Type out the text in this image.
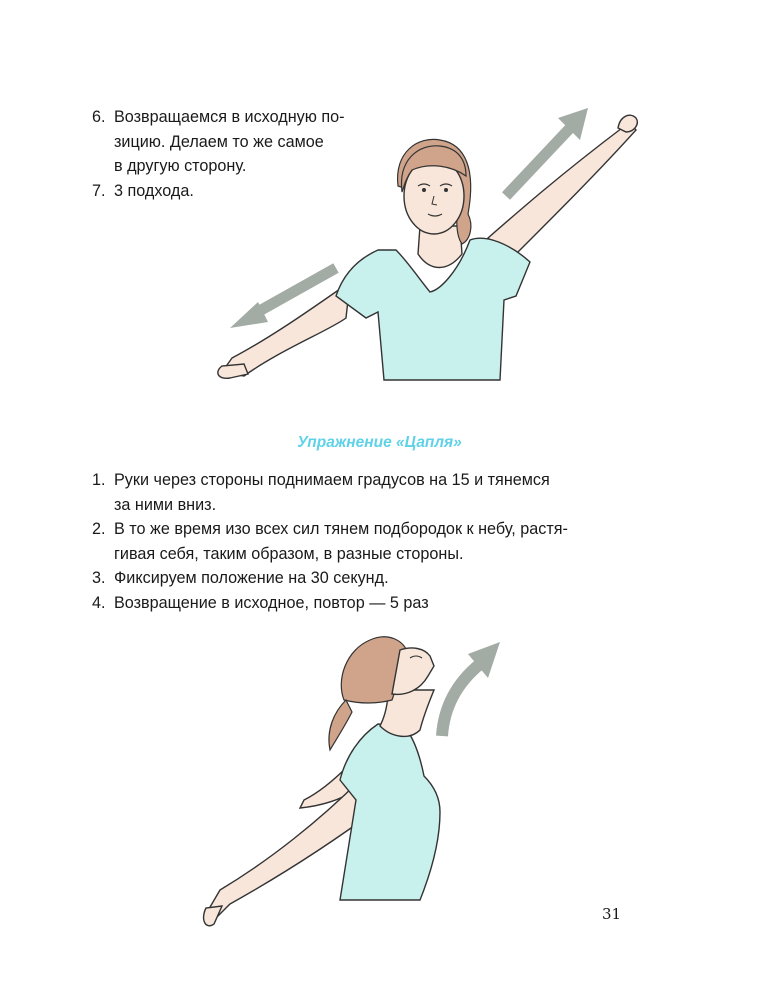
6. Возвращаемся в исходную по-
зицию. Делаем то же самое
в другую сторону.
7. 3 подхода.
Упражнение «Цапля»
1. Руки через стороны поднимаем градусов на 15 и тянемся
за ними вниз.
2. В то же время изо всех сил тянем подбородок к небу, растя-
гивая себя, таким образом, в разные стороны.
3. Фиксируем положение на 30 секунд.
4. Возвращение в исходное, повтор — 5 раз
31
